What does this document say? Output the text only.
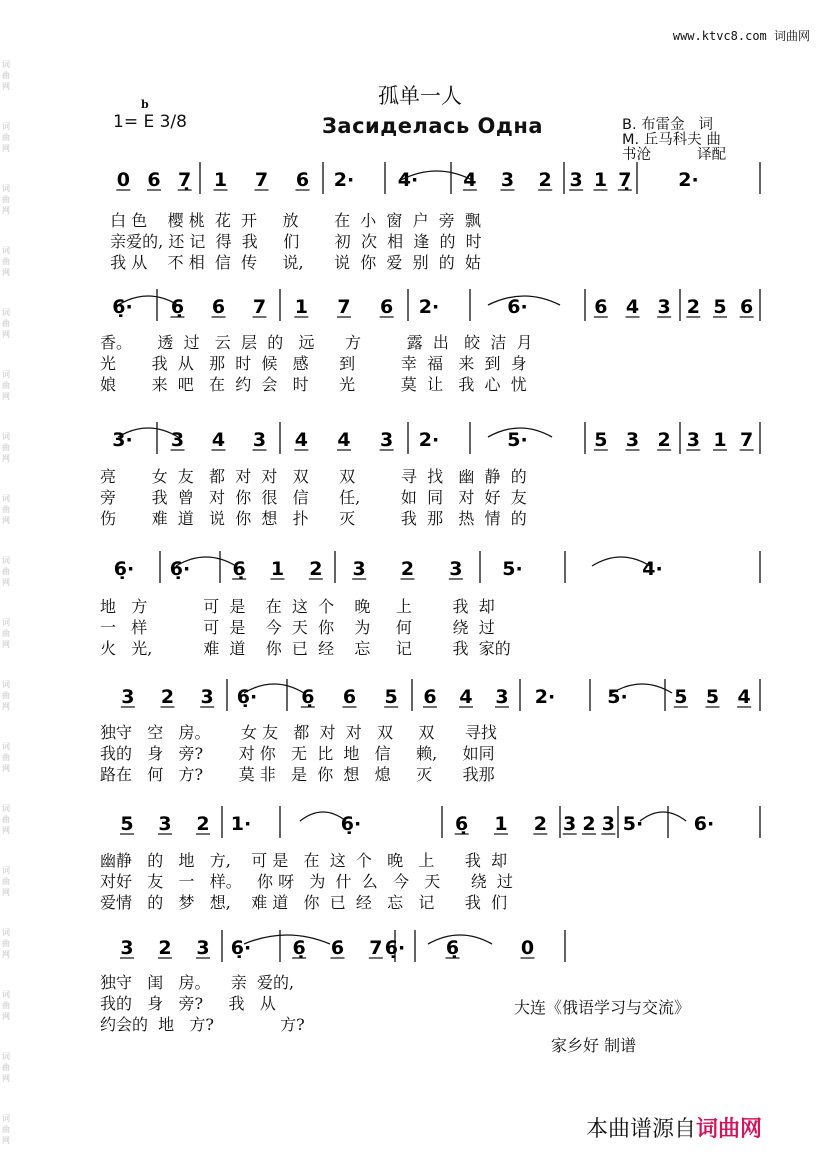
词
曲
网
词
曲
网
词
曲
网
词
曲
网
词
曲
网
词
曲
网
词
曲
网
词
曲
网
词
曲
网
词
曲
网
词
曲
网
词
曲
网
词
曲
网
词
曲
网
词
曲
网
词
曲
网
词
曲
网
词
曲
网
www.ktvc8.com 词曲网
孤单一人
Засиделась Одна
b
1= E 3/8	B. 布雷金   词
M. 丘马科夫 曲
书沧          译配
0 6 7̣ 1 7 6 2· 4· 4 3 2 3 1 7̣ 2·
6̣· 6̣ 6 7 1 7 6 2·	6·	6 4 3 2 5 6
3· 3 4 3 4 4 3 2·	5·	5 3 2 3 1 7
6̣· 6̣· 6̣ 1 2 3 2 3 5·	4·
3 2 3 6̣· 6̣ 6 5 6 4 3 2·	5· 5 5 4
5 3 2 1·	6̣·	6̣ 1 2 3 2 3 5·	6·
3 2 3 6̣· 6̣ 6 7 6̣· 6̣	0
白 色    樱 桃  花  开     放       在  小  窗  户  旁  飘
亲爱的, 还 记  得  我     们       初  次  相  逢  的  时
我 从    不 相  信  传     说,      说  你  爱  别  的  姑
香。     透  过   云  层  的   远      方         露  出   皎  洁  月
光       我  从   那  时  候   感      到         幸  福   来  到  身
娘       来  吧   在  约  会   时      光         莫  让   我  心  忧
亮       女  友   都  对  对   双      双         寻  找   幽  静  的
旁       我  曾   对  你  很   信      任,        如  同   对  好  友
伤       难  道   说  你  想   扑      灭         我  那   热  情  的
地   方           可  是    在  这  个    晚     上        我  却
一   样           可  是    今  天  你    为     何        绕  过
火   光,          难  道    你  已  经    忘     记        我  家的
独守   空   房。      女 友   都  对  对   双     双      寻找
我的   身   旁?       对 你   无  比  地   信     赖,     如同
路在   何   方?       莫 非   是  你  想   熄     灭      我那
幽静   的   地   方,    可 是   在  这  个   晚   上      我  却
对好   友   一   样。   你 呀   为  什  么   今   天      绕  过
爱情   的   梦   想,    难 道   你  已  经   忘   记      我  们
独守   闺   房。    亲  爱的,
我的   身   旁?     我   从
约会的  地   方?             方?
大连《俄语学习与交流》
家乡好 制谱
本曲谱源自词曲网
